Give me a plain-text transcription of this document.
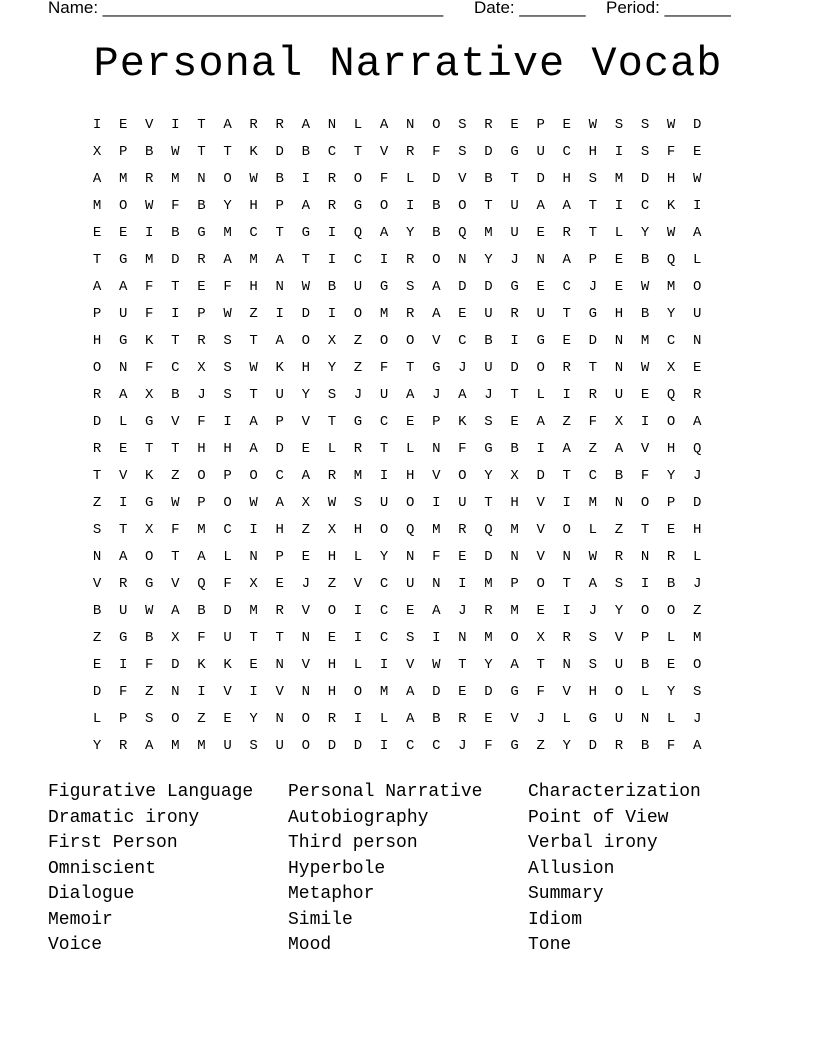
Name: ____________________________________ Date: _______ Period: _______
Personal Narrative Vocab
I E V I T A R R A N L A N O S R E P E W S S W D
X P B W T T K D B C T V R F S D G U C H I S F E
A M R M N O W B I R O F L D V B T D H S M D H W
M O W F B Y H P A R G O I B O T U A A T I C K I
E E I B G M C T G I Q A Y B Q M U E R T L Y W A
T G M D R A M A T I C I R O N Y J N A P E B Q L
A A F T E F H N W B U G S A D D G E C J E W M O
P U F I P W Z I D I O M R A E U R U T G H B Y U
H G K T R S T A O X Z O O V C B I G E D N M C N
O N F C X S W K H Y Z F T G J U D O R T N W X E
R A X B J S T U Y S J U A J A J T L I R U E Q R
D L G V F I A P V T G C E P K S E A Z F X I O A
R E T T H H A D E L R T L N F G B I A Z A V H Q
T V K Z O P O C A R M I H V O Y X D T C B F Y J
Z I G W P O W A X W S U O I U T H V I M N O P D
S T X F M C I H Z X H O Q M R Q M V O L Z T E H
N A O T A L N P E H L Y N F E D N V N W R N R L
V R G V Q F X E J Z V C U N I M P O T A S I B J
B U W A B D M R V O I C E A J R M E I J Y O O Z
Z G B X F U T T N E I C S I N M O X R S V P L M
E I F D K K E N V H L I V W T Y A T N S U B E O
D F Z N I V I V N H O M A D E D G F V H O L Y S
L P S O Z E Y N O R I L A B R E V J L G U N L J
Y R A M M U S U O D D I C C J F G Z Y D R B F A
Figurative Language
Dramatic irony
First Person
Omniscient
Dialogue
Memoir
Voice
Personal Narrative
Autobiography
Third person
Hyperbole
Metaphor
Simile
Mood
Characterization
Point of View
Verbal irony
Allusion
Summary
Idiom
Tone
